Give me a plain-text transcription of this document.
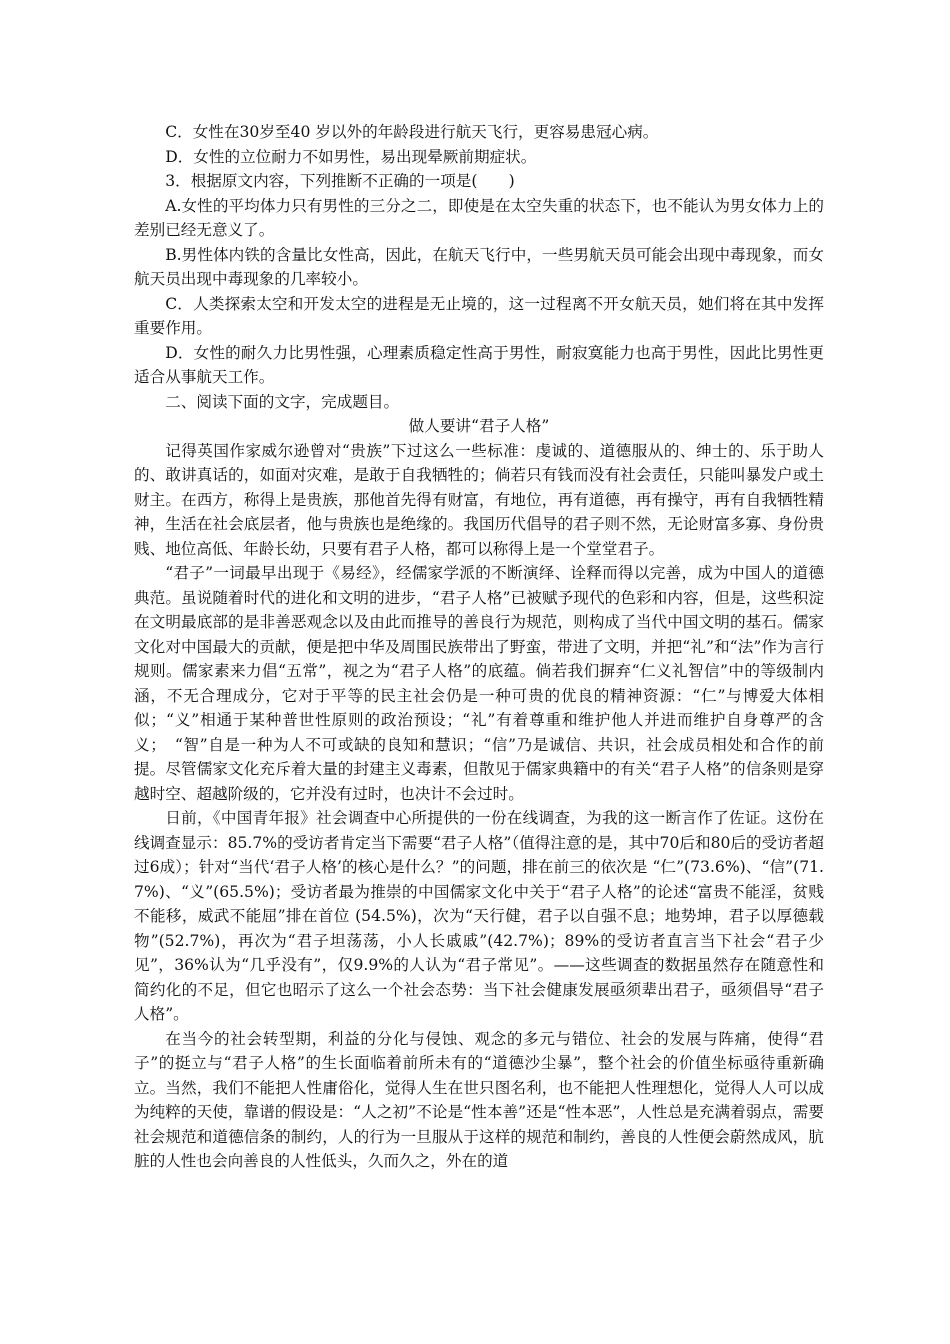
C．女性在30岁至40 岁以外的年龄段进行航天飞行，更容易患冠心病。

D．女性的立位耐力不如男性，易出现晕厥前期症状。

3．根据原文内容，下列推断不正确的一项是(　　)

A.女性的平均体力只有男性的三分之二，即使是在太空失重的状态下，也不能认为男女体力上的差别已经无意义了。

B.男性体内铁的含量比女性高，因此，在航天飞行中，一些男航天员可能会出现中毒现象，而女航天员出现中毒现象的几率较小。

C．人类探索太空和开发太空的进程是无止境的，这一过程离不开女航天员，她们将在其中发挥重要作用。

D．女性的耐久力比男性强，心理素质稳定性高于男性，耐寂寞能力也高于男性，因此比男性更适合从事航天工作。

二、阅读下面的文字，完成题目。

做人要讲“君子人格”

记得英国作家威尔逊曾对“贵族”下过这么一些标准：虔诚的、道德服从的、绅士的、乐于助人的、敢讲真话的，如面对灾难，是敢于自我牺牲的；倘若只有钱而没有社会责任，只能叫暴发户或土财主。在西方，称得上是贵族，那他首先得有财富，有地位，再有道德，再有操守，再有自我牺牲精神，生活在社会底层者，他与贵族也是绝缘的。我国历代倡导的君子则不然，无论财富多寡、身份贵贱、地位高低、年龄长幼，只要有君子人格，都可以称得上是一个堂堂君子。

“君子”一词最早出现于《易经》，经儒家学派的不断演绎、诠释而得以完善，成为中国人的道德典范。虽说随着时代的进化和文明的进步，“君子人格”已被赋予现代的色彩和内容，但是，这些积淀在文明最底部的是非善恶观念以及由此而推导的善良行为规范，则构成了当代中国文明的基石。儒家文化对中国最大的贡献，便是把中华及周围民族带出了野蛮，带进了文明，并把“礼”和“法”作为言行规则。儒家素来力倡“五常”，视之为“君子人格”的底蕴。倘若我们摒弃“仁义礼智信”中的等级制内涵，不无合理成分，它对于平等的民主社会仍是一种可贵的优良的精神资源：“仁”与博爱大体相似；“义”相通于某种普世性原则的政治预设；“礼”有着尊重和维护他人并进而维护自身尊严的含义；　“智”自是一种为人不可或缺的良知和慧识；“信”乃是诚信、共识，社会成员相处和合作的前提。尽管儒家文化充斥着大量的封建主义毒素，但散见于儒家典籍中的有关“君子人格”的信条则是穿越时空、超越阶级的，它并没有过时，也决计不会过时。

日前，《中国青年报》社会调查中心所提供的一份在线调查，为我的这一断言作了佐证。这份在线调查显示：85.7%的受访者肯定当下需要“君子人格”（值得注意的是，其中70后和80后的受访者超过6成）；针对“当代‘君子人格’的核心是什么？”的问题，排在前三的依次是 “仁”(73.6%)、“信”(71.7%)、“义”(65.5%)；受访者最为推崇的中国儒家文化中关于“君子人格”的论述“富贵不能淫，贫贱不能移，威武不能屈”排在首位 (54.5%)，次为“天行健，君子以自强不息；地势坤，君子以厚德载物”(52.7%)，再次为“君子坦荡荡，小人长戚戚”(42.7%)；89%的受访者直言当下社会“君子少见”，36%认为“几乎没有”，仅9.9%的人认为“君子常见”。——这些调查的数据虽然存在随意性和简约化的不足，但它也昭示了这么一个社会态势：当下社会健康发展亟须辈出君子，亟须倡导“君子人格”。

在当今的社会转型期，利益的分化与侵蚀、观念的多元与错位、社会的发展与阵痛，使得“君子”的挺立与“君子人格”的生长面临着前所未有的“道德沙尘暴”，整个社会的价值坐标亟待重新确立。当然，我们不能把人性庸俗化，觉得人生在世只图名利，也不能把人性理想化，觉得人人可以成为纯粹的天使，靠谱的假设是：“人之初”不论是“性本善”还是“性本恶”，人性总是充满着弱点，需要社会规范和道德信条的制约，人的行为一旦服从于这样的规范和制约，善良的人性便会蔚然成风，肮脏的人性也会向善良的人性低头，久而久之，外在的道
